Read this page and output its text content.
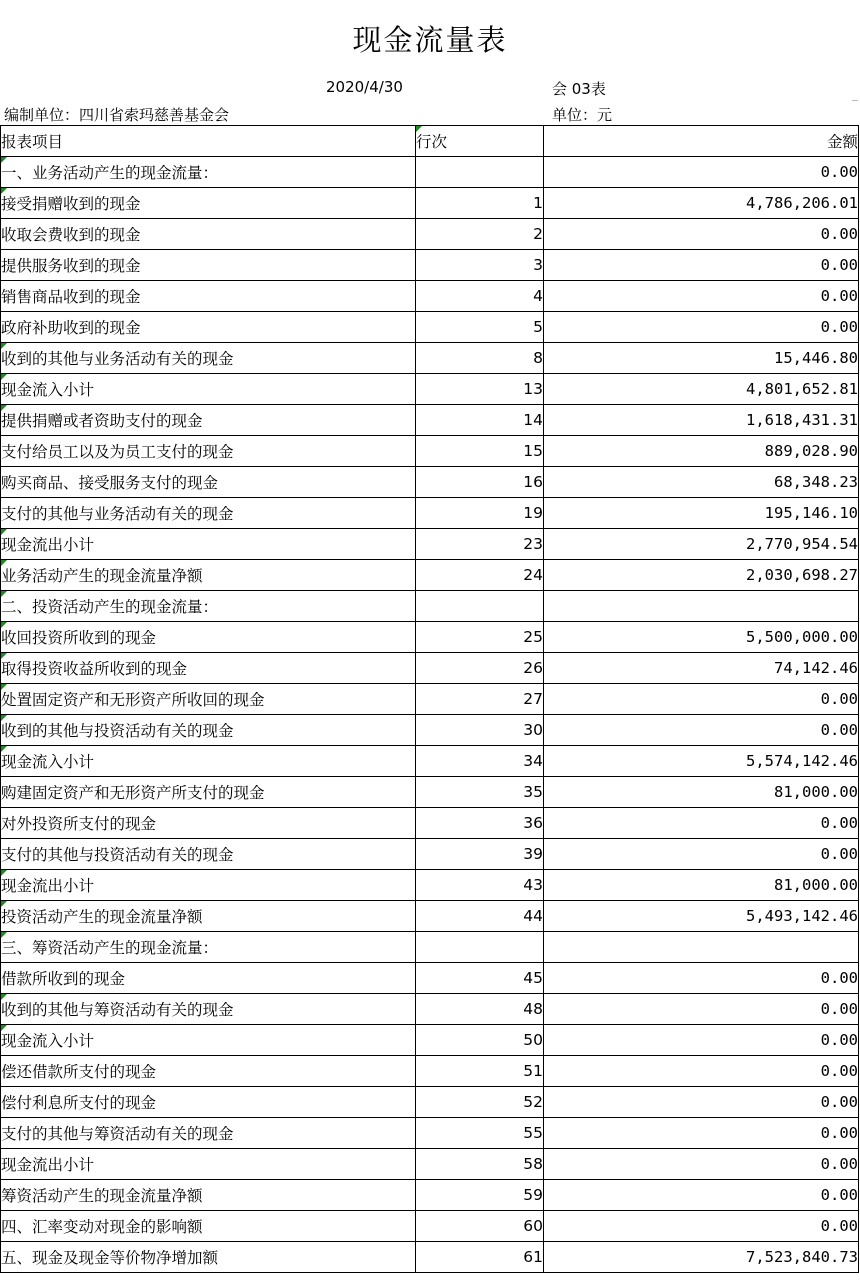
现金流量表
2020/4/30	会 03表
编制单位：四川省索玛慈善基金会	单位：元
报表项目	行次	金额
一、业务活动产生的现金流量：		0.00
接受捐赠收到的现金	1	4,786,206.01
收取会费收到的现金	2	0.00
提供服务收到的现金	3	0.00
销售商品收到的现金	4	0.00
政府补助收到的现金	5	0.00
收到的其他与业务活动有关的现金	8	15,446.80
现金流入小计	13	4,801,652.81
提供捐赠或者资助支付的现金	14	1,618,431.31
支付给员工以及为员工支付的现金	15	889,028.90
购买商品、接受服务支付的现金	16	68,348.23
支付的其他与业务活动有关的现金	19	195,146.10
现金流出小计	23	2,770,954.54
业务活动产生的现金流量净额	24	2,030,698.27
二、投资活动产生的现金流量：		
收回投资所收到的现金	25	5,500,000.00
取得投资收益所收到的现金	26	74,142.46
处置固定资产和无形资产所收回的现金	27	0.00
收到的其他与投资活动有关的现金	30	0.00
现金流入小计	34	5,574,142.46
购建固定资产和无形资产所支付的现金	35	81,000.00
对外投资所支付的现金	36	0.00
支付的其他与投资活动有关的现金	39	0.00
现金流出小计	43	81,000.00
投资活动产生的现金流量净额	44	5,493,142.46
三、筹资活动产生的现金流量：		
借款所收到的现金	45	0.00
收到的其他与筹资活动有关的现金	48	0.00
现金流入小计	50	0.00
偿还借款所支付的现金	51	0.00
偿付利息所支付的现金	52	0.00
支付的其他与筹资活动有关的现金	55	0.00
现金流出小计	58	0.00
筹资活动产生的现金流量净额	59	0.00
四、汇率变动对现金的影响额	60	0.00
五、现金及现金等价物净增加额	61	7,523,840.73
